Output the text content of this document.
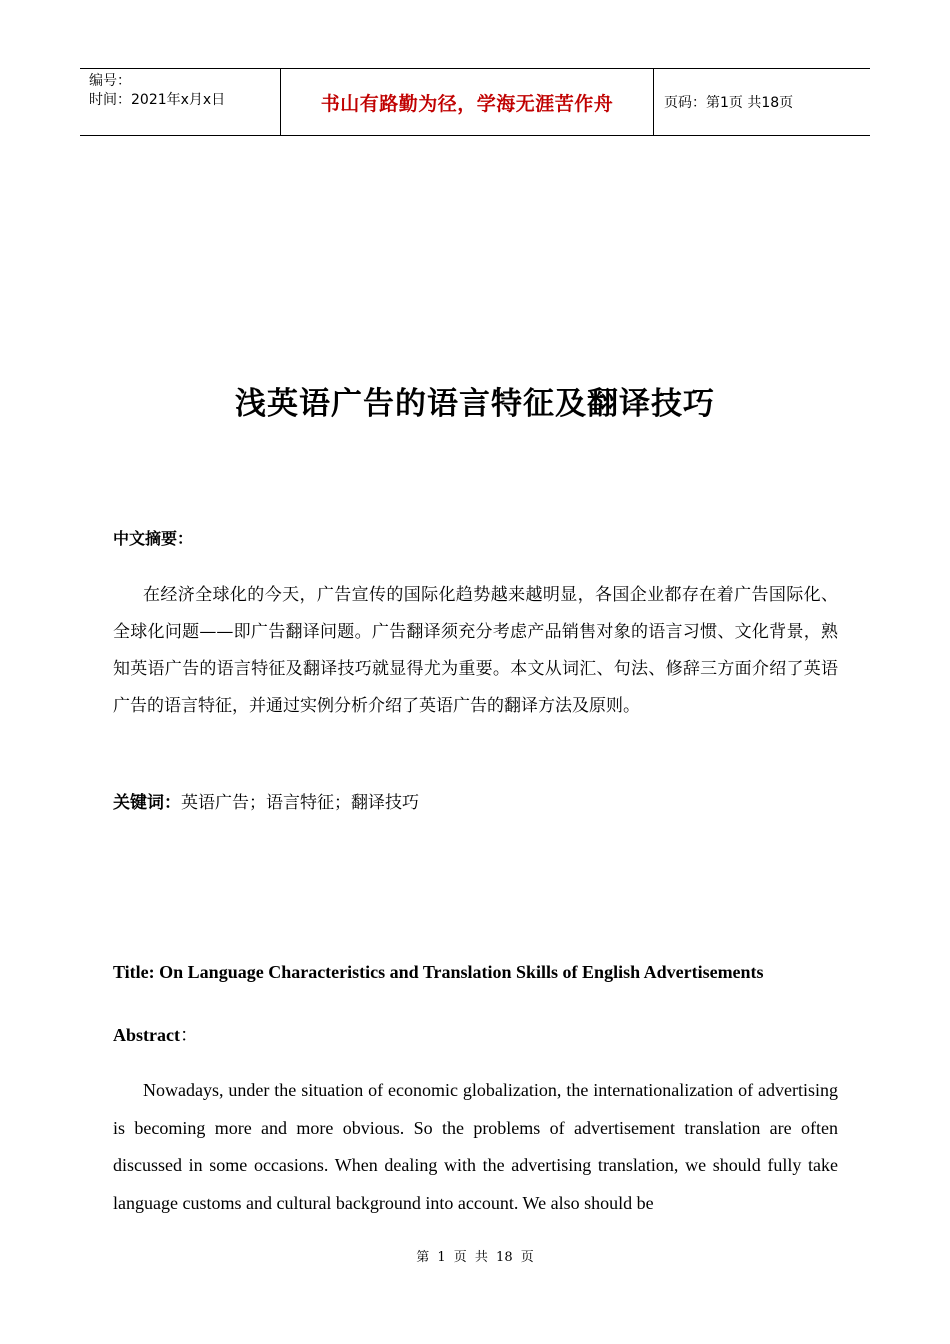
编号：
时间：2021年x月x日	书山有路勤为径，学海无涯苦作舟	页码：第1页 共18页
浅英语广告的语言特征及翻译技巧
中文摘要：
在经济全球化的今天，广告宣传的国际化趋势越来越明显，各国企业都存在着广告国际化、全球化问题——即广告翻译问题。广告翻译须充分考虑产品销售对象的语言习惯、文化背景，熟知英语广告的语言特征及翻译技巧就显得尤为重要。本文从词汇、句法、修辞三方面介绍了英语广告的语言特征，并通过实例分析介绍了英语广告的翻译方法及原则。
关键词：英语广告；语言特征；翻译技巧
Title: On Language Characteristics and Translation Skills of English Advertisements
Abstract：
Nowadays, under the situation of economic globalization, the internationalization of advertising is becoming more and more obvious. So the problems of advertisement translation are often discussed in some occasions. When dealing with the advertising translation, we should fully take language customs and cultural background into account. We also should be
第 1 页 共 18 页
